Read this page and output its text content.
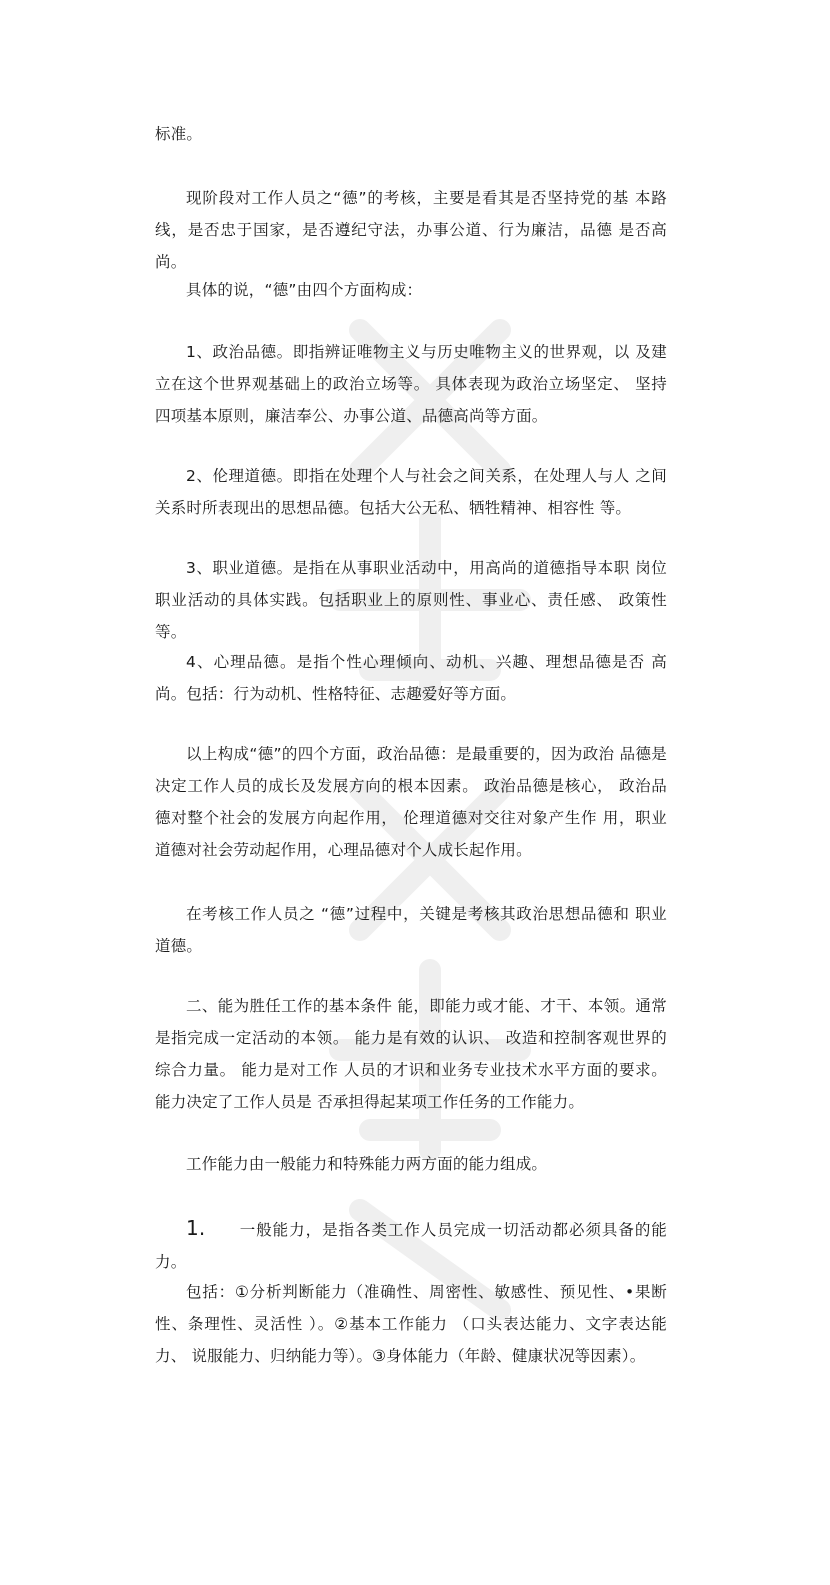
标准。

现阶段对工作人员之“德”的考核，主要是看其是否坚持党的基 本路线，是否忠于国家，是否遵纪守法，办事公道、行为廉洁，品德 是否高尚。

具体的说，“德”由四个方面构成：

1、政治品德。即指辨证唯物主义与历史唯物主义的世界观，以 及建立在这个世界观基础上的政治立场等。 具体表现为政治立场坚定、 坚持四项基本原则，廉洁奉公、办事公道、品德高尚等方面。

2、伦理道德。即指在处理个人与社会之间关系，在处理人与人 之间关系时所表现出的思想品德。包括大公无私、牺牲精神、相容性 等。

3、职业道德。是指在从事职业活动中，用高尚的道德指导本职 岗位职业活动的具体实践。包括职业上的原则性、事业心、责任感、 政策性等。

4、心理品德。是指个性心理倾向、动机、兴趣、理想品德是否 高尚。包括：行为动机、性格特征、志趣爱好等方面。

以上构成“德”的四个方面，政治品德：是最重要的，因为政治 品德是决定工作人员的成长及发展方向的根本因素。 政治品德是核心， 政治品德对整个社会的发展方向起作用， 伦理道德对交往对象产生作 用，职业道德对社会劳动起作用，心理品德对个人成长起作用。

在考核工作人员之 “德”过程中，关键是考核其政治思想品德和 职业道德。

二、能为胜任工作的基本条件 能，即能力或才能、才干、本领。通常是指完成一定活动的本领。 能力是有效的认识、 改造和控制客观世界的综合力量。 能力是对工作 人员的才识和业务专业技术水平方面的要求。 能力决定了工作人员是 否承担得起某项工作任务的工作能力。

工作能力由一般能力和特殊能力两方面的能力组成。

1. 一般能力，是指各类工作人员完成一切活动都必须具备的能力。

包括：①分析判断能力（准确性、周密性、敏感性、预见性、•果断性、条理性、灵活性 ）。②基本工作能力 （口头表达能力、文字表达能力、 说服能力、归纳能力等）。③身体能力（年龄、健康状况等因素）。
